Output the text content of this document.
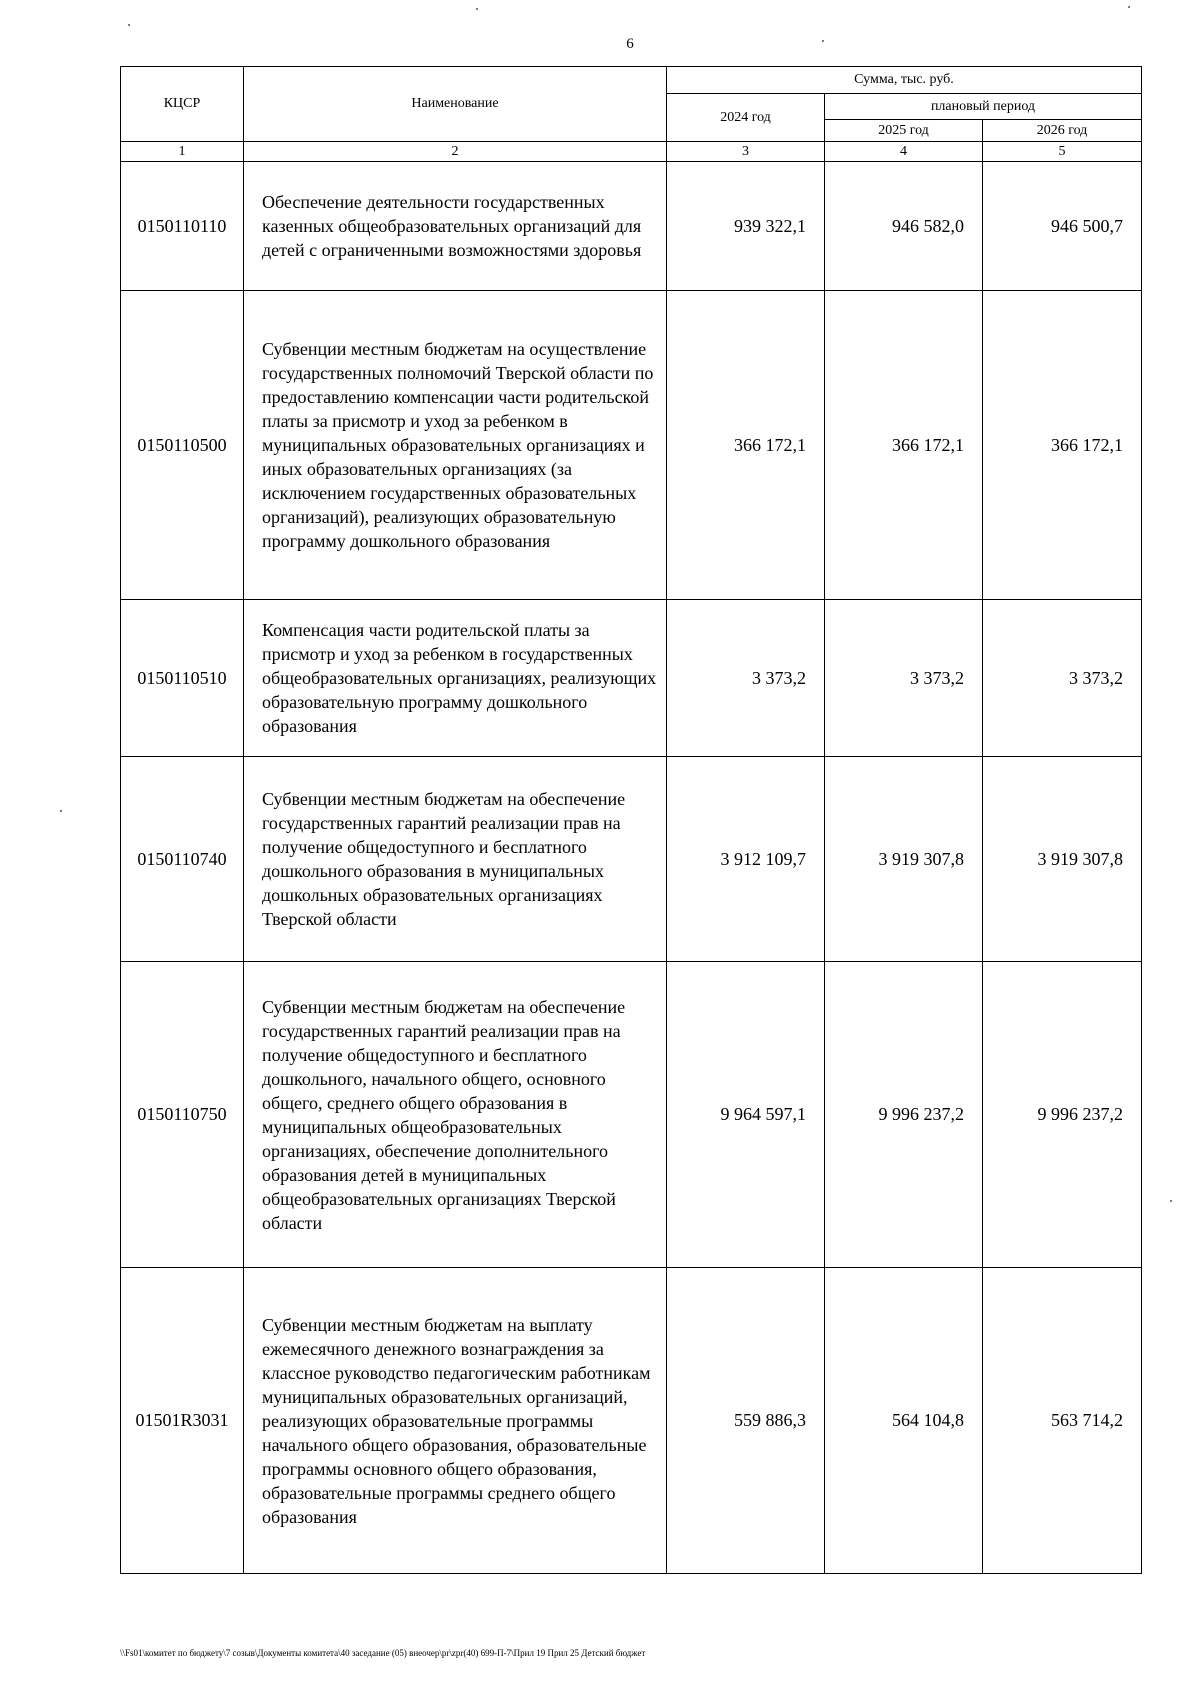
6
КЦСР	Наименование	Сумма, тыс. руб.		
		2024 год	плановый период	
			2025 год	2026 год
1	2	3	4	5
0150110110	Обеспечение деятельности государственных казенных общеобразовательных организаций для детей с ограниченными возможностями здоровья	939 322,1	946 582,0	946 500,7
0150110500	Субвенции местным бюджетам на осуществление государственных полномочий Тверской области по предоставлению компенсации части родительской платы за присмотр и уход за ребенком в муниципальных образовательных организациях и иных образовательных организациях (за исключением государственных образовательных организаций), реализующих образовательную программу дошкольного образования	366 172,1	366 172,1	366 172,1
0150110510	Компенсация части родительской платы за присмотр и уход за ребенком в государственных общеобразовательных организациях, реализующих образовательную программу дошкольного образования	3 373,2	3 373,2	3 373,2
0150110740	Субвенции местным бюджетам на обеспечение государственных гарантий реализации прав на получение общедоступного и бесплатного дошкольного образования в муниципальных дошкольных образовательных организациях Тверской области	3 912 109,7	3 919 307,8	3 919 307,8
0150110750	Субвенции местным бюджетам на обеспечение государственных гарантий реализации прав на получение общедоступного и бесплатного дошкольного, начального общего, основного общего, среднего общего образования в муниципальных общеобразовательных организациях, обеспечение дополнительного образования детей в муниципальных общеобразовательных организациях Тверской области	9 964 597,1	9 996 237,2	9 996 237,2
01501R3031	Субвенции местным бюджетам на выплату ежемесячного денежного вознаграждения за классное руководство педагогическим работникам муниципальных образовательных организаций, реализующих образовательные программы начального общего образования, образовательные программы основного общего образования, образовательные программы среднего общего образования	559 886,3	564 104,8	563 714,2
\\Fs01\комитет по бюджету\7 созыв\Документы комитета\40 заседание (05) внеочер\pr\zpr(40) 699-П-7\Прил 19 Прил 25 Детский бюджет
